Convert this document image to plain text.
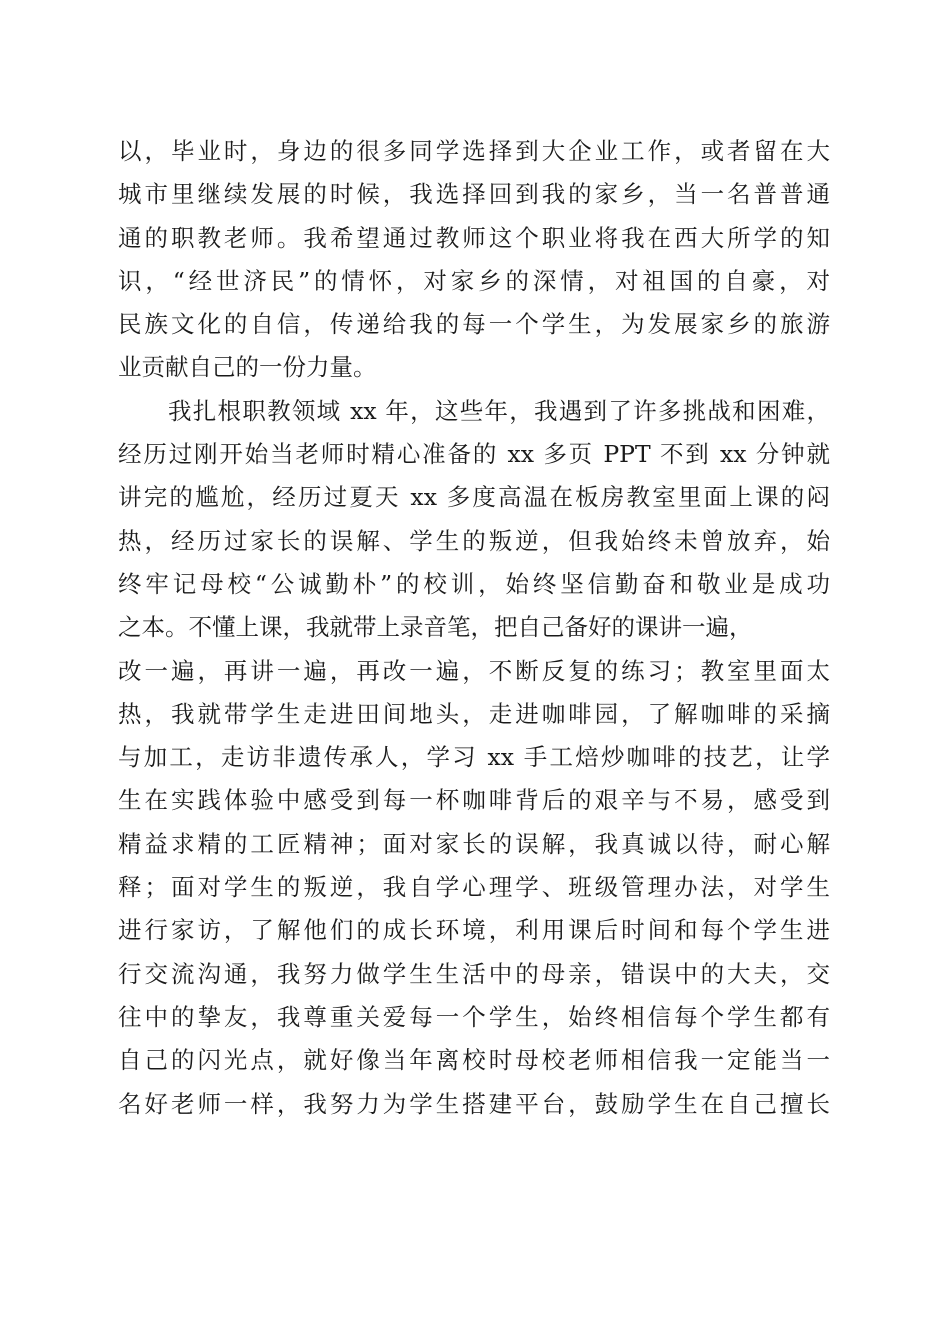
以，毕业时，身边的很多同学选择到大企业工作，或者留在大
城市里继续发展的时候，我选择回到我的家乡，当一名普普通
通的职教老师。我希望通过教师这个职业将我在西大所学的知
识，“经世济民”的情怀，对家乡的深情，对祖国的自豪，对
民族文化的自信，传递给我的每一个学生，为发展家乡的旅游
业贡献自己的一份力量。
我扎根职教领域 xx 年，这些年，我遇到了许多挑战和困难，
经历过刚开始当老师时精心准备的 xx 多页 PPT 不到 xx 分钟就
讲完的尴尬，经历过夏天 xx 多度高温在板房教室里面上课的闷
热，经历过家长的误解、学生的叛逆，但我始终未曾放弃，始
终牢记母校“公诚勤朴”的校训，始终坚信勤奋和敬业是成功
之本。不懂上课，我就带上录音笔，把自己备好的课讲一遍，
改一遍，再讲一遍，再改一遍，不断反复的练习；教室里面太
热，我就带学生走进田间地头，走进咖啡园，了解咖啡的采摘
与加工，走访非遗传承人，学习 xx 手工焙炒咖啡的技艺，让学
生在实践体验中感受到每一杯咖啡背后的艰辛与不易，感受到
精益求精的工匠精神；面对家长的误解，我真诚以待，耐心解
释；面对学生的叛逆，我自学心理学、班级管理办法，对学生
进行家访，了解他们的成长环境，利用课后时间和每个学生进
行交流沟通，我努力做学生生活中的母亲，错误中的大夫，交
往中的挚友，我尊重关爱每一个学生，始终相信每个学生都有
自己的闪光点，就好像当年离校时母校老师相信我一定能当一
名好老师一样，我努力为学生搭建平台，鼓励学生在自己擅长
